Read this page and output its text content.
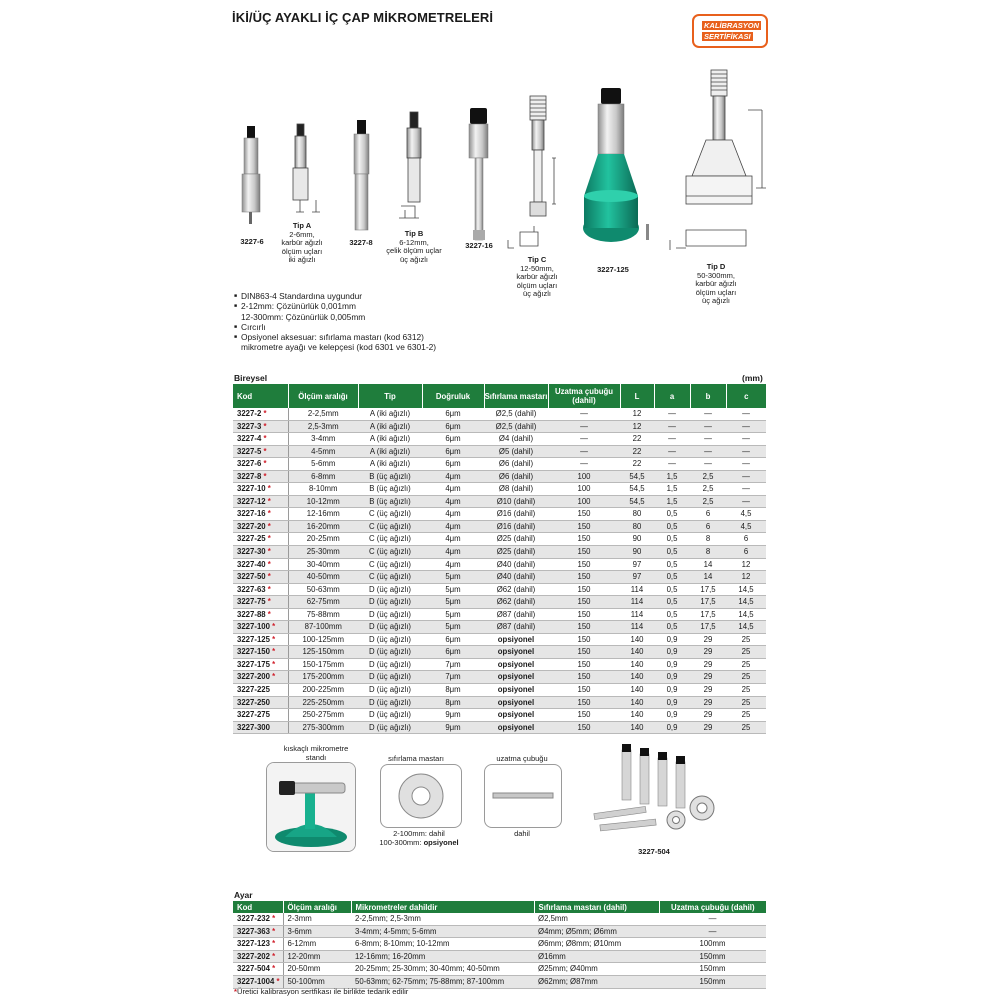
İKİ/ÜÇ AYAKLI İÇ ÇAP MİKROMETRELERİ
KALİBRASYON
SERTİFİKASI
3227-6
Tip A
2-6mm,
karbür ağızlı
ölçüm uçları
iki ağızlı
3227-8
Tip B
6-12mm,
çelik ölçüm uçlar
üç ağızlı
3227-16
Tip C
12-50mm,
karbür ağızlı
ölçüm uçları
üç ağızlı
3227-125	Tip D
50-300mm,
karbür ağızlı
ölçüm uçları
üç ağızlı
■ DIN863-4 Standardına uygundur
■ 2-12mm: Çözünürlük 0,001mm
12-300mm: Çözünürlük 0,005mm
■ Cırcırlı
■ Opsiyonel aksesuar: sıfırlama mastarı (kod 6312)
mikrometre ayağı ve kelepçesi (kod 6301 ve 6301-2)
Bireysel	(mm)
Kod	Ölçüm aralığı	Tip	Doğruluk	Sıfırlama mastarı	Uzatma çubuğu (dahil)	L	a	b	c
3227-2 *	2-2,5mm	A (iki ağızlı)	6μm	Ø2,5 (dahil)	—	12	—	—	—
3227-3 *	2,5-3mm	A (iki ağızlı)	6μm	Ø2,5 (dahil)	—	12	—	—	—
3227-4 *	3-4mm	A (iki ağızlı)	6μm	Ø4 (dahil)	—	22	—	—	—
3227-5 *	4-5mm	A (iki ağızlı)	6μm	Ø5 (dahil)	—	22	—	—	—
3227-6 *	5-6mm	A (iki ağızlı)	6μm	Ø6 (dahil)	—	22	—	—	—
3227-8 *	6-8mm	B (üç ağızlı)	4μm	Ø6 (dahil)	100	54,5	1,5	2,5	—
3227-10 *	8-10mm	B (üç ağızlı)	4μm	Ø8 (dahil)	100	54,5	1,5	2,5	—
3227-12 *	10-12mm	B (üç ağızlı)	4μm	Ø10 (dahil)	100	54,5	1,5	2,5	—
3227-16 *	12-16mm	C (üç ağızlı)	4μm	Ø16 (dahil)	150	80	0,5	6	4,5
3227-20 *	16-20mm	C (üç ağızlı)	4μm	Ø16 (dahil)	150	80	0,5	6	4,5
3227-25 *	20-25mm	C (üç ağızlı)	4μm	Ø25 (dahil)	150	90	0,5	8	6
3227-30 *	25-30mm	C (üç ağızlı)	4μm	Ø25 (dahil)	150	90	0,5	8	6
3227-40 *	30-40mm	C (üç ağızlı)	4μm	Ø40 (dahil)	150	97	0,5	14	12
3227-50 *	40-50mm	C (üç ağızlı)	5μm	Ø40 (dahil)	150	97	0,5	14	12
3227-63 *	50-63mm	D (üç ağızlı)	5μm	Ø62 (dahil)	150	114	0,5	17,5	14,5
3227-75 *	62-75mm	D (üç ağızlı)	5μm	Ø62 (dahil)	150	114	0,5	17,5	14,5
3227-88 *	75-88mm	D (üç ağızlı)	5μm	Ø87 (dahil)	150	114	0,5	17,5	14,5
3227-100 *	87-100mm	D (üç ağızlı)	5μm	Ø87 (dahil)	150	114	0,5	17,5	14,5
3227-125 *	100-125mm	D (üç ağızlı)	6μm	opsiyonel	150	140	0,9	29	25
3227-150 *	125-150mm	D (üç ağızlı)	6μm	opsiyonel	150	140	0,9	29	25
3227-175 *	150-175mm	D (üç ağızlı)	7μm	opsiyonel	150	140	0,9	29	25
3227-200 *	175-200mm	D (üç ağızlı)	7μm	opsiyonel	150	140	0,9	29	25
3227-225	200-225mm	D (üç ağızlı)	8μm	opsiyonel	150	140	0,9	29	25
3227-250	225-250mm	D (üç ağızlı)	8μm	opsiyonel	150	140	0,9	29	25
3227-275	250-275mm	D (üç ağızlı)	9μm	opsiyonel	150	140	0,9	29	25
3227-300	275-300mm	D (üç ağızlı)	9μm	opsiyonel	150	140	0,9	29	25
kıskaçlı mikrometre standı	sıfırlama mastarı
2-100mm: dahil
100-300mm: opsiyonel
uzatma çubuğu
dahil
3227-504
Ayar
Kod	Ölçüm aralığı	Mikrometreler dahildir	Sıfırlama mastarı (dahil)	Uzatma çubuğu (dahil)
3227-232 *	2-3mm	2-2,5mm; 2,5-3mm	Ø2,5mm	—
3227-363 *	3-6mm	3-4mm; 4-5mm; 5-6mm	Ø4mm; Ø5mm; Ø6mm	—
3227-123 *	6-12mm	6-8mm; 8-10mm; 10-12mm	Ø6mm; Ø8mm; Ø10mm	100mm
3227-202 *	12-20mm	12-16mm; 16-20mm	Ø16mm	150mm
3227-504 *	20-50mm	20-25mm; 25-30mm; 30-40mm; 40-50mm	Ø25mm; Ø40mm	150mm
3227-1004 *	50-100mm	50-63mm; 62-75mm; 75-88mm; 87-100mm	Ø62mm; Ø87mm	150mm
*Üretici kalibrasyon sertfikası ile birlikte tedarik edilir
